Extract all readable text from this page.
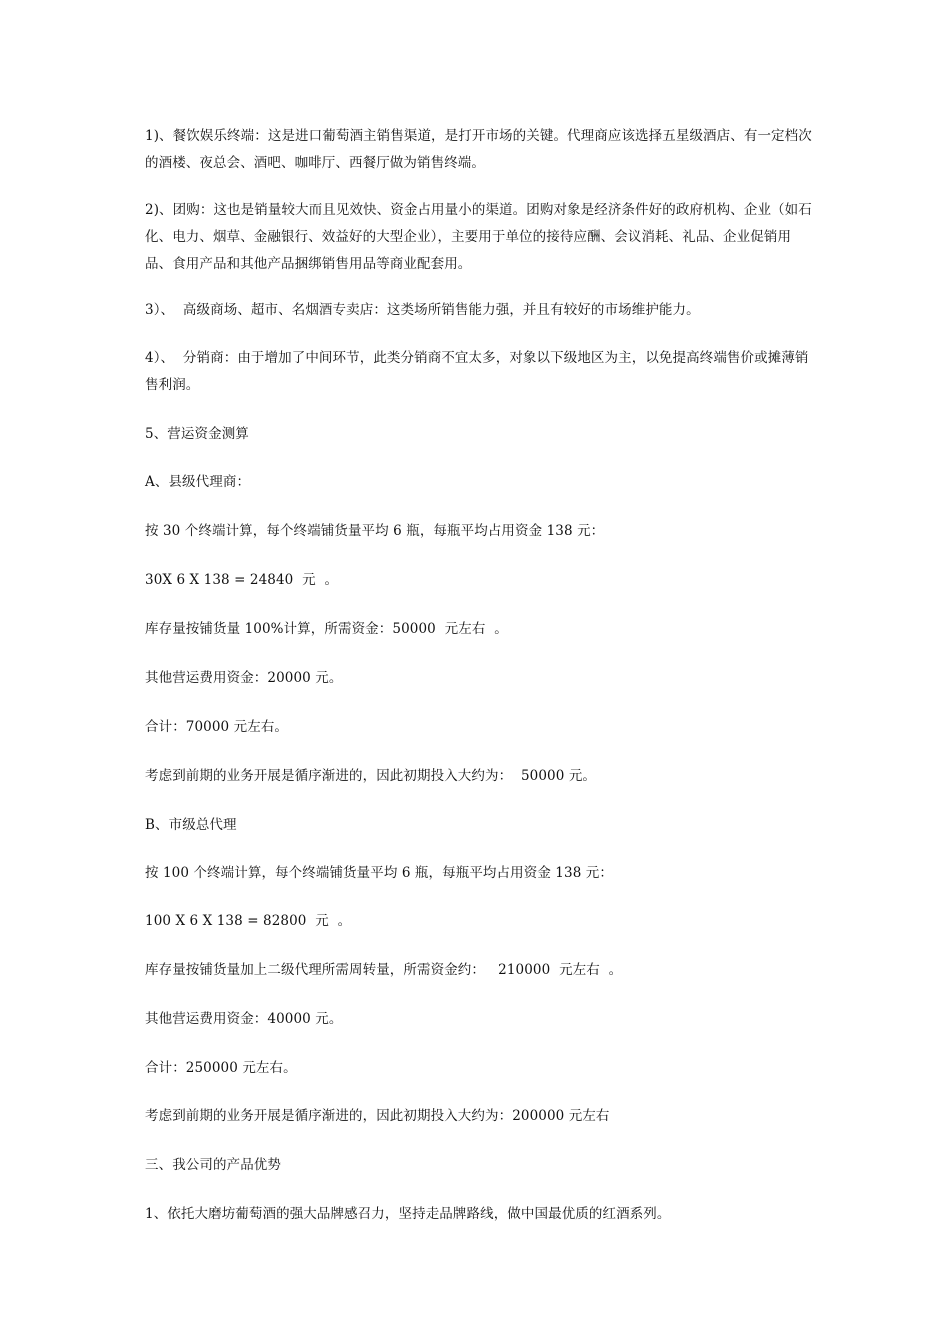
1)、餐饮娱乐终端：这是进口葡萄酒主销售渠道，是打开市场的关键。代理商应该选择五星级酒店、有一定档次的酒楼、夜总会、酒吧、咖啡厅、西餐厅做为销售终端。

2)、团购：这也是销量较大而且见效快、资金占用量小的渠道。团购对象是经济条件好的政府机构、企业（如石化、电力、烟草、金融银行、效益好的大型企业），主要用于单位的接待应酬、会议消耗、礼品、企业促销用品、食用产品和其他产品捆绑销售用品等商业配套用。

3）、  高级商场、超市、名烟酒专卖店：这类场所销售能力强，并且有较好的市场维护能力。

4）、  分销商：由于增加了中间环节，此类分销商不宜太多，对象以下级地区为主，以免提高终端售价或摊薄销售利润。

5、营运资金测算

A、县级代理商：

按 30 个终端计算，每个终端铺货量平均 6 瓶，每瓶平均占用资金 138 元：

30X 6 X 138 = 24840  元  。

库存量按铺货量 100%计算，所需资金：50000  元左右  。

其他营运费用资金：20000 元。

合计：70000 元左右。

考虑到前期的业务开展是循序渐进的，因此初期投入大约为：  50000 元。

B、市级总代理

按 100 个终端计算，每个终端铺货量平均 6 瓶，每瓶平均占用资金 138 元：

100 X 6 X 138 = 82800  元  。

库存量按铺货量加上二级代理所需周转量，所需资金约：   210000  元左右  。

其他营运费用资金：40000 元。

合计：250000 元左右。

考虑到前期的业务开展是循序渐进的，因此初期投入大约为：200000 元左右

三、我公司的产品优势

1、依托大磨坊葡萄酒的强大品牌感召力，坚持走品牌路线，做中国最优质的红酒系列。
